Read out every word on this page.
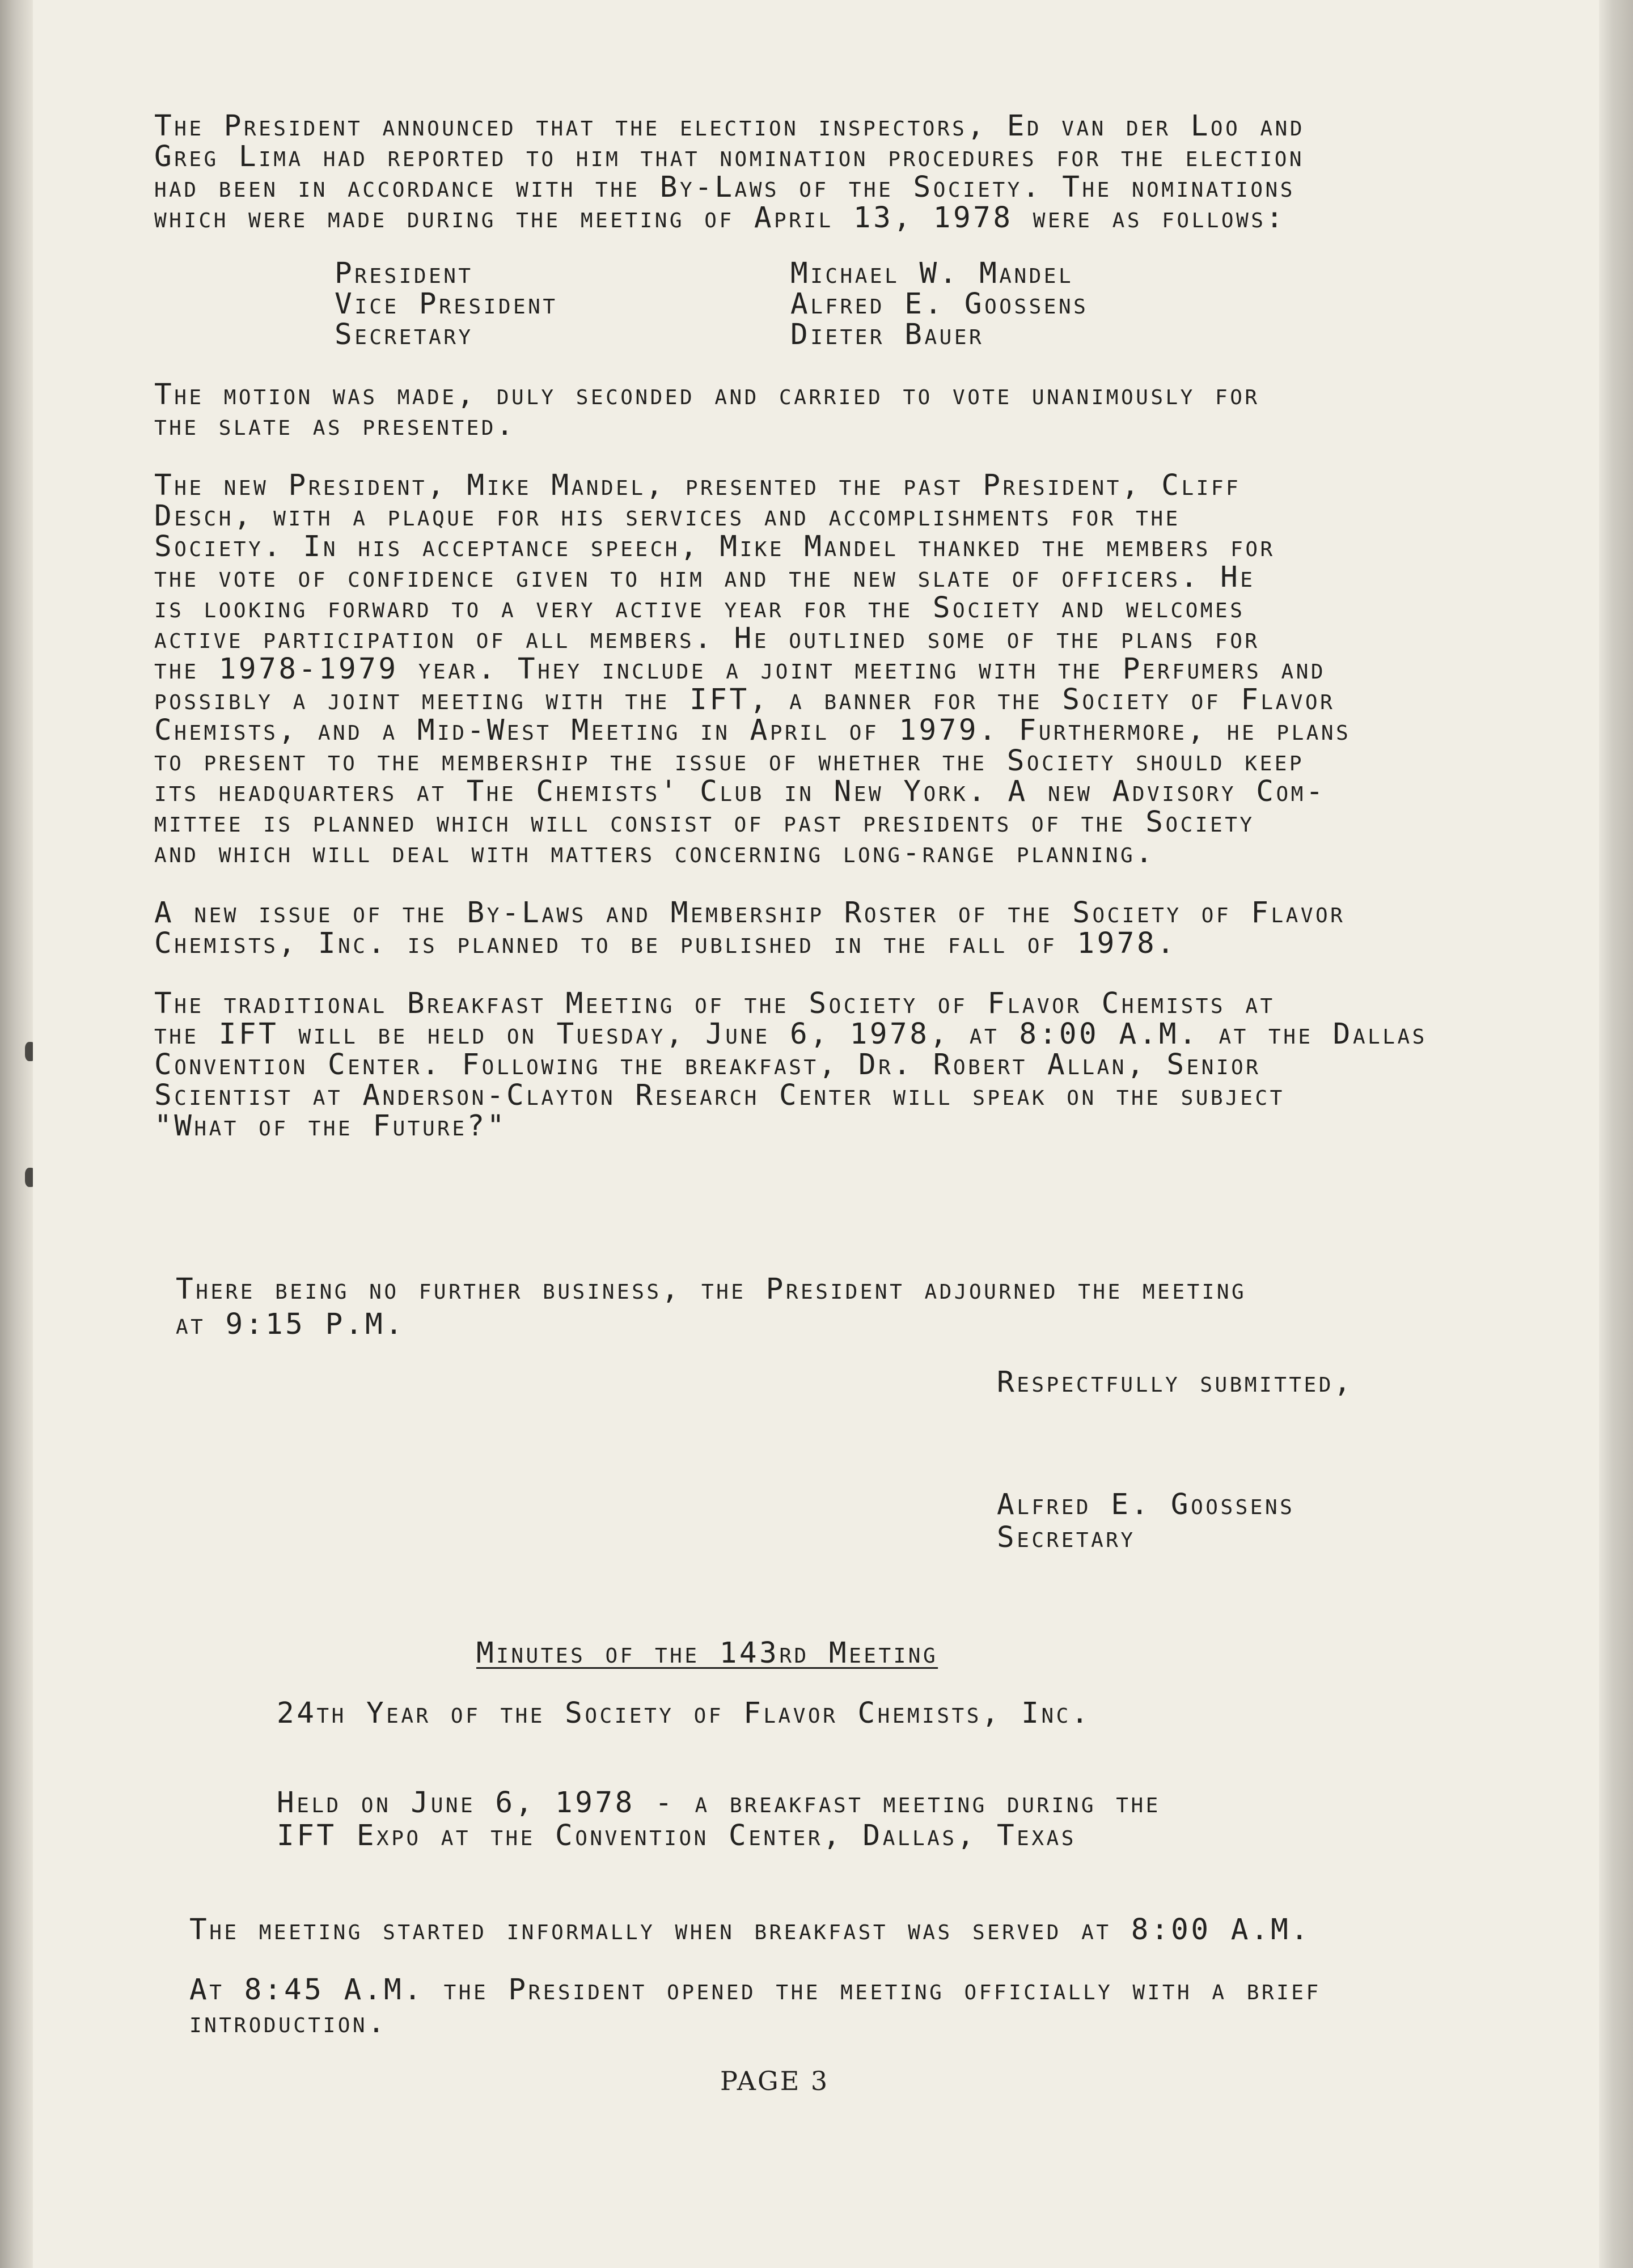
The President announced that the election inspectors, Ed van der Loo and
Greg Lima had reported to him that nomination procedures for the election
had been in accordance with the By-Laws of the Society. The nominations
which were made during the meeting of April 13, 1978 were as follows:
President	Michael W. Mandel
Vice President	Alfred E. Goossens
Secretary	Dieter Bauer
The motion was made, duly seconded and carried to vote unanimously for
the slate as presented.
The new President, Mike Mandel, presented the past President, Cliff
Desch, with a plaque for his services and accomplishments for the
Society. In his acceptance speech, Mike Mandel thanked the members for
the vote of confidence given to him and the new slate of officers. He
is looking forward to a very active year for the Society and welcomes
active participation of all members. He outlined some of the plans for
the 1978-1979 year. They include a joint meeting with the Perfumers and
possibly a joint meeting with the IFT, a banner for the Society of Flavor
Chemists, and a Mid-West Meeting in April of 1979. Furthermore, he plans
to present to the membership the issue of whether the Society should keep
its headquarters at The Chemists' Club in New York. A new Advisory Com-
mittee is planned which will consist of past presidents of the Society
and which will deal with matters concerning long-range planning.
A new issue of the By-Laws and Membership Roster of the Society of Flavor
Chemists, Inc. is planned to be published in the fall of 1978.
The traditional Breakfast Meeting of the Society of Flavor Chemists at
the IFT will be held on Tuesday, June 6, 1978, at 8:00 A.M. at the Dallas
Convention Center. Following the breakfast, Dr. Robert Allan, Senior
Scientist at Anderson-Clayton Research Center will speak on the subject
"What of the Future?"
There being no further business, the President adjourned the meeting
at 9:15 P.M.
Respectfully submitted,
Alfred E. Goossens
Secretary
Minutes of the 143rd Meeting
24th Year of the Society of Flavor Chemists, Inc.
Held on June 6, 1978 - a breakfast meeting during the
IFT Expo at the Convention Center, Dallas, Texas
The meeting started informally when breakfast was served at 8:00 A.M.
At 8:45 A.M. the President opened the meeting officially with a brief
introduction.
PAGE 3
